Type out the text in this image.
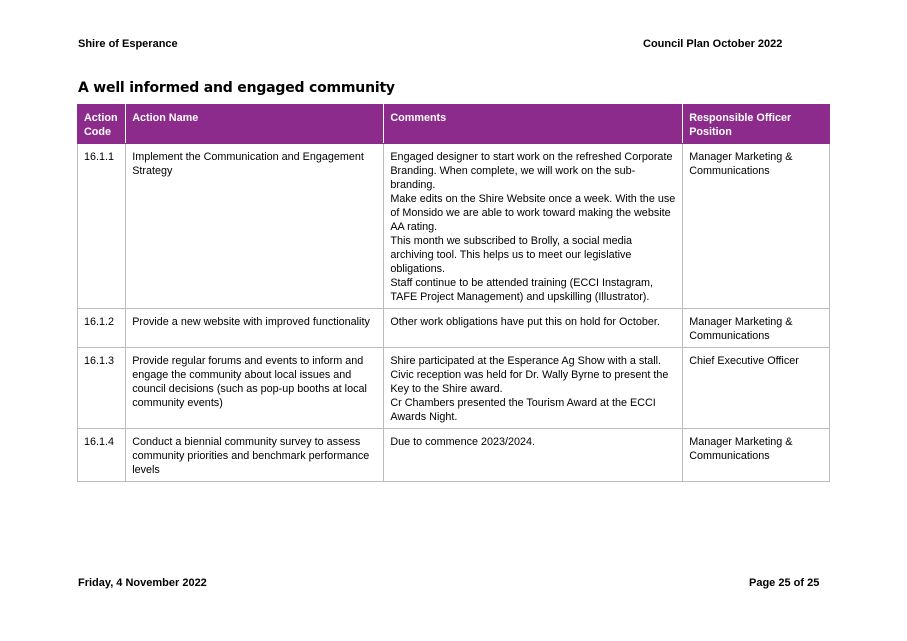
Shire of Esperance	Council Plan October 2022
A well informed and engaged community
Action Code	Action Name	Comments	Responsible Officer Position
16.1.1	Implement the Communication and Engagement Strategy	Engaged designer to start work on the refreshed Corporate Branding. When complete, we will work on the sub-branding.
Make edits on the Shire Website once a week. With the use of Monsido we are able to work toward making the website AA rating.
This month we subscribed to Brolly, a social media archiving tool. This helps us to meet our legislative obligations.
Staff continue to be attended training (ECCI Instagram, TAFE Project Management) and upskilling (Illustrator).	Manager Marketing & Communications
16.1.2	Provide a new website with improved functionality	Other work obligations have put this on hold for October.	Manager Marketing & Communications
16.1.3	Provide regular forums and events to inform and engage the community about local issues and council decisions (such as pop-up booths at local community events)	Shire participated at the Esperance Ag Show with a stall.
Civic reception was held for Dr. Wally Byrne to present the Key to the Shire award.
Cr Chambers presented the Tourism Award at the ECCI Awards Night.	Chief Executive Officer
16.1.4	Conduct a biennial community survey to assess community priorities and benchmark performance levels	Due to commence 2023/2024.	Manager Marketing & Communications
Friday, 4 November 2022	Page 25 of 25
